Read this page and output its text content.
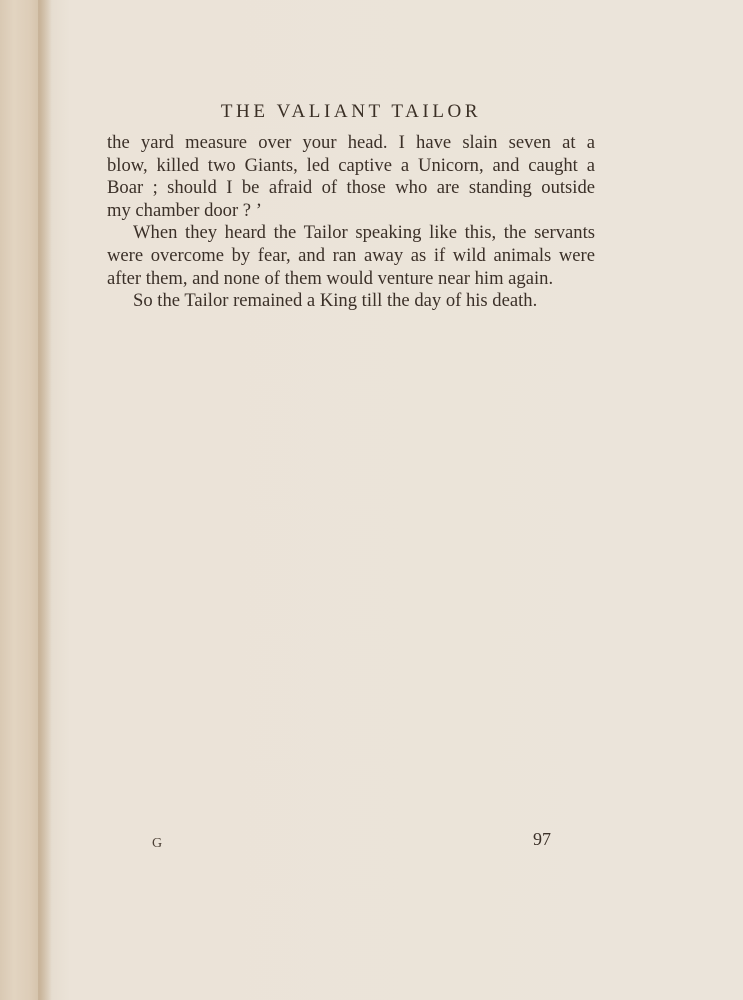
THE VALIANT TAILOR
the yard measure over your head. I have slain seven at a
blow, killed two Giants, led captive a Unicorn, and caught a
Boar ; should I be afraid of those who are standing outside
my chamber door ? ’
When they heard the Tailor speaking like this, the servants
were overcome by fear, and ran away as if wild animals were
after them, and none of them would venture near him again.
So the Tailor remained a King till the day of his death.
G	97
